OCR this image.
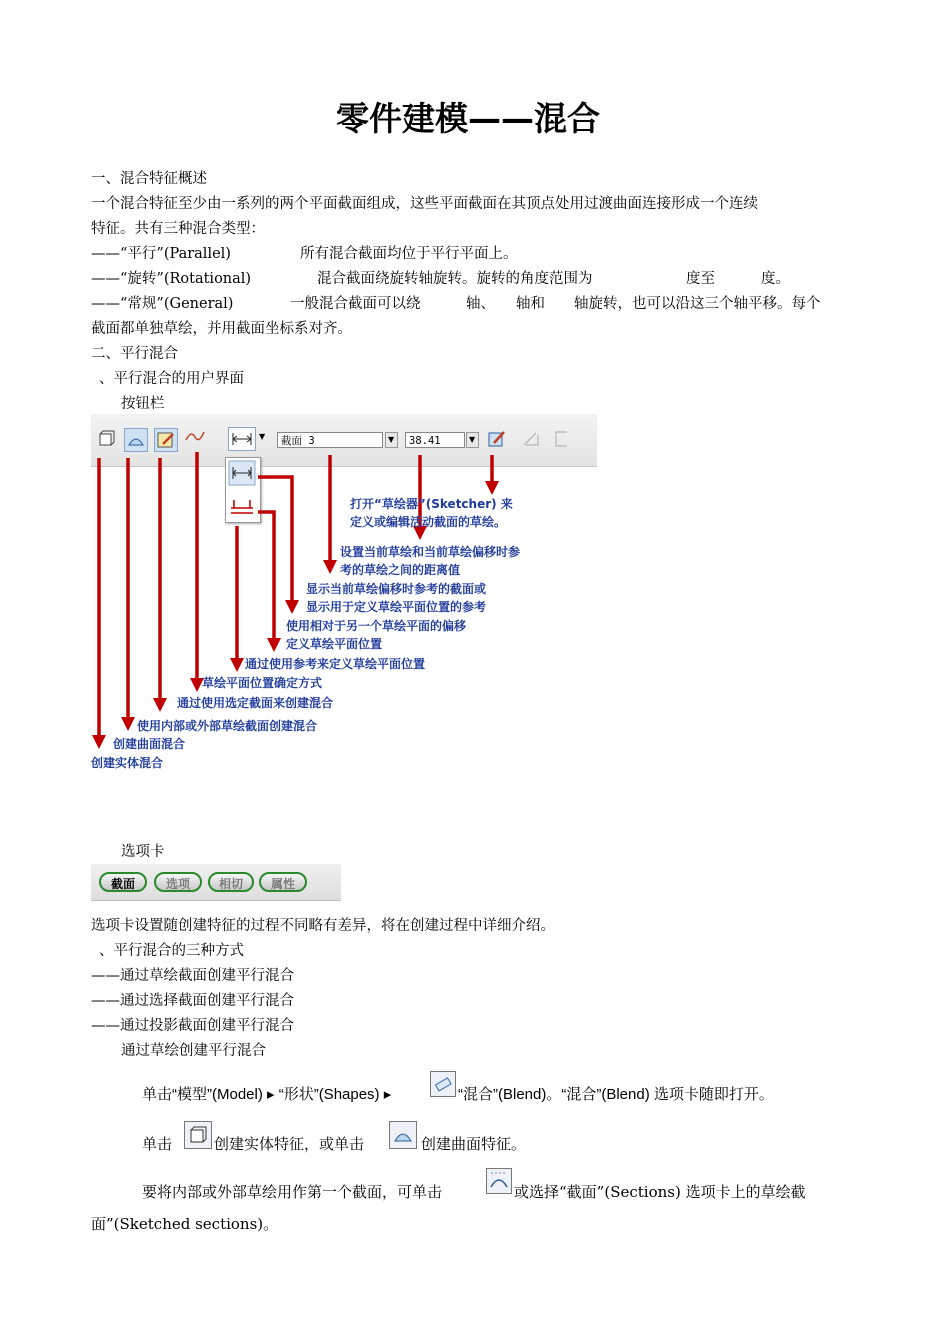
零件建模——混合
一、混合特征概述
一个混合特征至少由一系列的两个平面截面组成，这些平面截面在其顶点处用过渡曲面连接形成一个连续
特征。共有三种混合类型：
——“平行”(Parallel)	所有混合截面均位于平行平面上。
——“旋转”(Rotational)	混合截面绕旋转轴旋转。旋转的角度范围为	度至	度。
——“常规”(General)	一般混合截面可以绕	轴、 轴和 轴旋转，也可以沿这三个轴平移。每个
截面都单独草绘，并用截面坐标系对齐。
二、平行混合
、平行混合的用户界面
按钮栏
▼	截面 3	▼	38.41	▼
打开“草绘器”(Sketcher) 来
定义或编辑活动截面的草绘。
设置当前草绘和当前草绘偏移时参
考的草绘之间的距离值
显示当前草绘偏移时参考的截面或
显示用于定义草绘平面位置的参考
使用相对于另一个草绘平面的偏移
定义草绘平面位置
通过使用参考来定义草绘平面位置
草绘平面位置确定方式
通过使用选定截面来创建混合
使用内部或外部草绘截面创建混合
创建曲面混合
创建实体混合
选项卡
截面	选项	相切	属性
选项卡设置随创建特征的过程不同略有差异，将在创建过程中详细介绍。
、平行混合的三种方式
——通过草绘截面创建平行混合
——通过选择截面创建平行混合
——通过投影截面创建平行混合
通过草绘创建平行混合
单击“模型”(Model) ▸ “形状”(Shapes) ▸	“混合”(Blend)。“混合”(Blend) 选项卡随即打开。
单击	创建实体特征，或单击	创建曲面特征。
要将内部或外部草绘用作第一个截面，可单击	或选择“截面”(Sections) 选项卡上的草绘截
面”(Sketched sections)。
